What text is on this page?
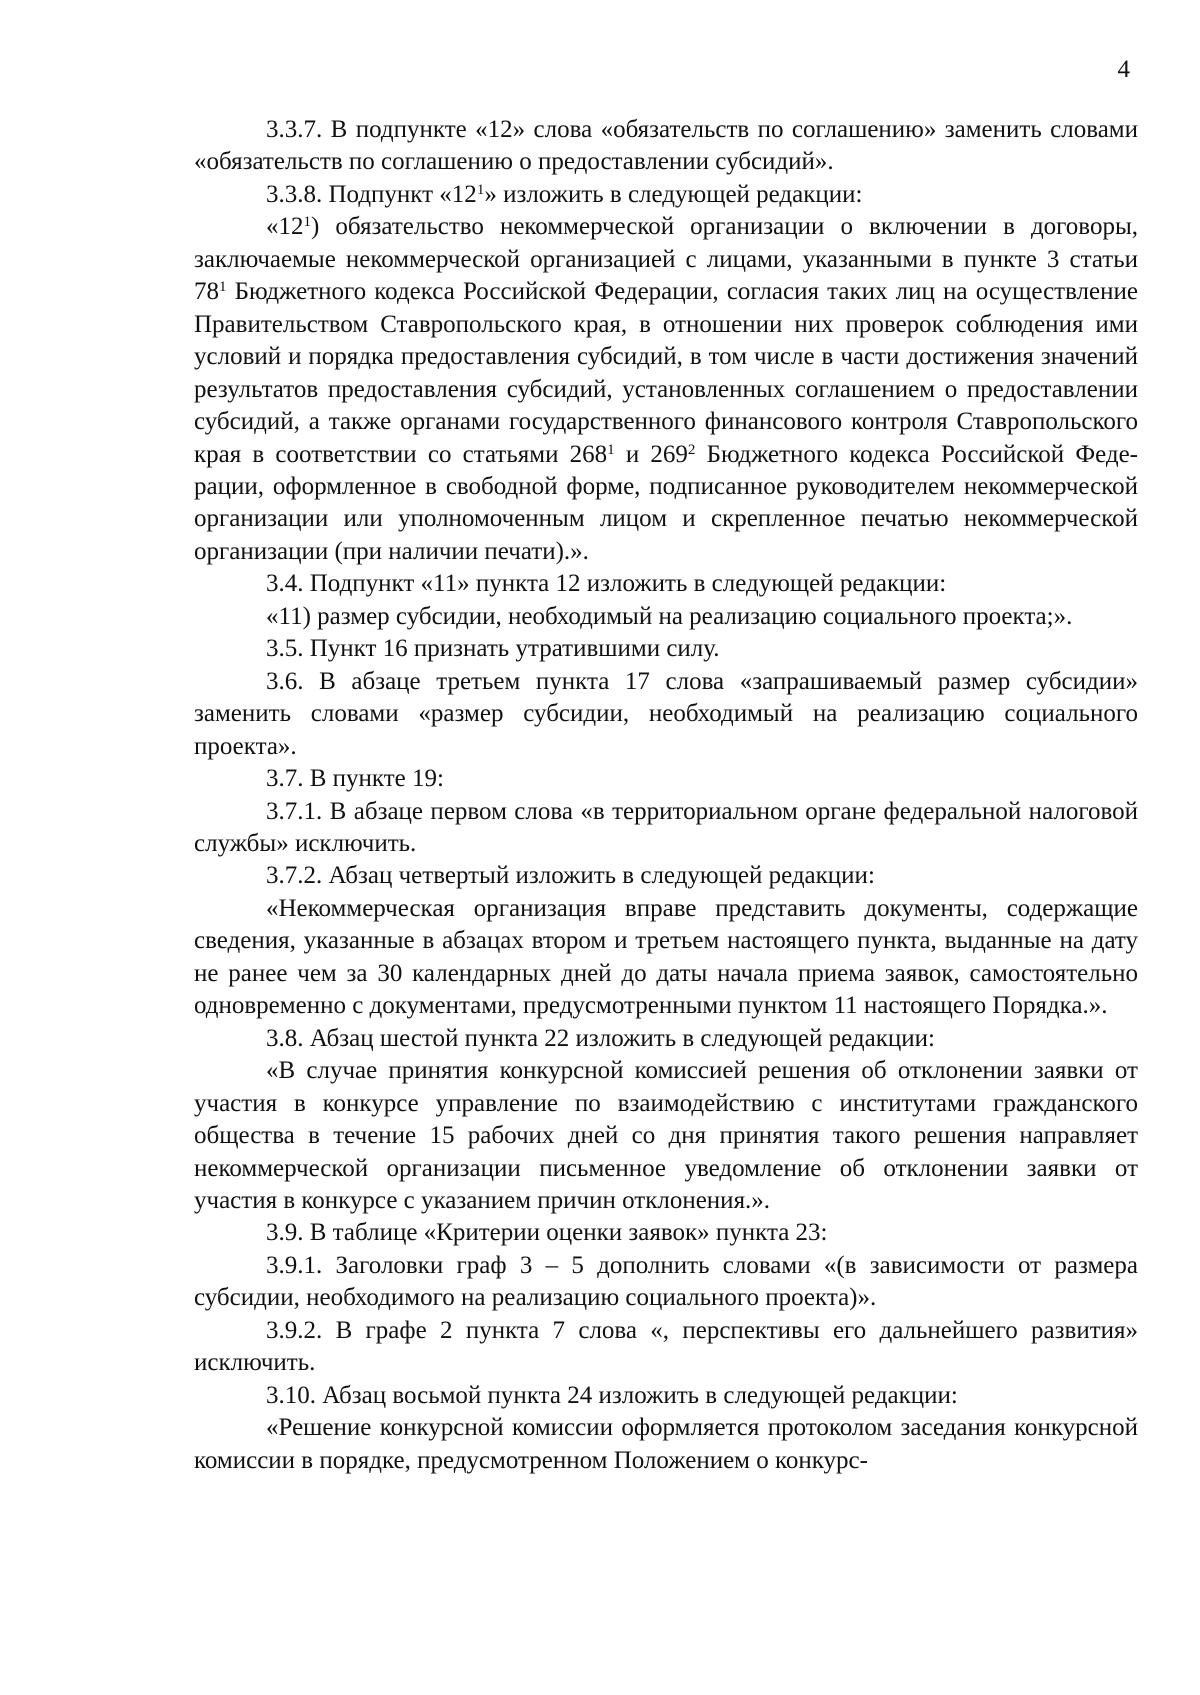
4

3.3.7. В подпункте «12» слова «обязательств по соглашению» заменить словами «обязательств по соглашению о предоставлении субсидий».

3.3.8. Подпункт «$12^1$» изложить в следующей редакции:

«$12^1$) обязательство некоммерческой организации о включении в договоры, заключаемые некоммерческой организацией с лицами, указанными в пункте 3 статьи $78^1$ Бюджетного кодекса Российской Федерации, согласия таких лиц на осуществление Правительством Ставропольского края, в отношении них проверок соблюдения ими условий и порядка предоставления субсидий, в том числе в части достижения значений результатов предоставления субсидий, установленных соглашением о предоставлении субсидий, а также органами государственного финансового контроля Ставропольского края в соответствии со статьями $268^1$ и $269^2$ Бюджетного кодекса Российской Федерации, оформленное в свободной форме, подписанное руководителем некоммерческой организации или уполномоченным лицом и скрепленное печатью некоммерческой организации (при наличии печати).».

3.4. Подпункт «11» пункта 12 изложить в следующей редакции:

«11) размер субсидии, необходимый на реализацию социального проекта;».

3.5. Пункт 16 признать утратившими силу.

3.6. В абзаце третьем пункта 17 слова «запрашиваемый размер субсидии» заменить словами «размер субсидии, необходимый на реализацию социального проекта».

3.7. В пункте 19:

3.7.1. В абзаце первом слова «в территориальном органе федеральной налоговой службы» исключить.

3.7.2. Абзац четвертый изложить в следующей редакции:

«Некоммерческая организация вправе представить документы, содержащие сведения, указанные в абзацах втором и третьем настоящего пункта, выданные на дату не ранее чем за 30 календарных дней до даты начала приема заявок, самостоятельно одновременно с документами, предусмотренными пунктом 11 настоящего Порядка.».

3.8. Абзац шестой пункта 22 изложить в следующей редакции:

«В случае принятия конкурсной комиссией решения об отклонении заявки от участия в конкурсе управление по взаимодействию с институтами гражданского общества в течение 15 рабочих дней со дня принятия такого решения направляет некоммерческой организации письменное уведомление об отклонении заявки от участия в конкурсе с указанием причин отклонения.».

3.9. В таблице «Критерии оценки заявок» пункта 23:

3.9.1. Заголовки граф 3 – 5 дополнить словами «(в зависимости от размера субсидии, необходимого на реализацию социального проекта)».

3.9.2. В графе 2 пункта 7 слова «, перспективы его дальнейшего развития» исключить.

3.10. Абзац восьмой пункта 24 изложить в следующей редакции:

«Решение конкурсной комиссии оформляется протоколом заседания конкурсной комиссии в порядке, предусмотренном Положением о конкурс-
